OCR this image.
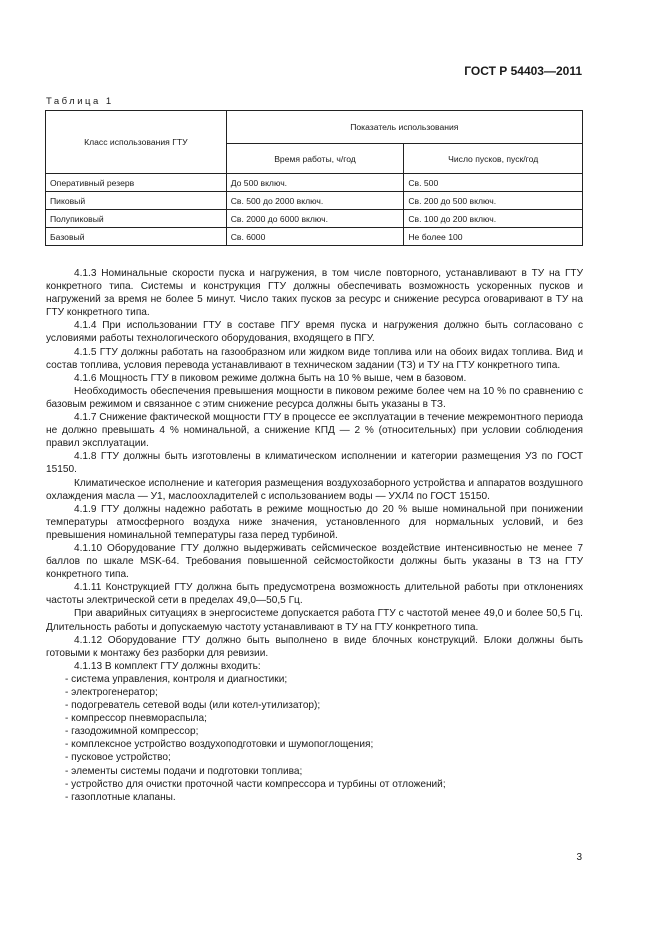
ГОСТ Р 54403—2011
Таблица 1
Класс использования ГТУ	Показатель использования	
	Время работы, ч/год	Число пусков, пуск/год
Оперативный резерв	До 500 включ.	Св. 500
Пиковый	Св. 500 до 2000 включ.	Св. 200 до 500 включ.
Полупиковый	Св. 2000 до 6000 включ.	Св. 100 до 200 включ.
Базовый	Св. 6000	Не более 100

4.1.3 Номинальные скорости пуска и нагружения, в том числе повторного, устанавливают в ТУ на ГТУ конкретного типа. Системы и конструкция ГТУ должны обеспечивать возможность ускоренных пусков и нагружений за время не более 5 минут. Число таких пусков за ресурс и снижение ресурса оговаривают в ТУ на ГТУ конкретного типа.

4.1.4 При использовании ГТУ в составе ПГУ время пуска и нагружения должно быть согласовано с условиями работы технологического оборудования, входящего в ПГУ.

4.1.5 ГТУ должны работать на газообразном или жидком виде топлива или на обоих видах топлива. Вид и состав топлива, условия перевода устанавливают в техническом задании (ТЗ) и ТУ на ГТУ конкретного типа.

4.1.6 Мощность ГТУ в пиковом режиме должна быть на 10 % выше, чем в базовом.

Необходимость обеспечения превышения мощности в пиковом режиме более чем на 10 % по сравнению с базовым режимом и связанное с этим снижение ресурса должны быть указаны в ТЗ.

4.1.7 Снижение фактической мощности ГТУ в процессе ее эксплуатации в течение межремонтного периода не должно превышать 4 % номинальной, а снижение КПД — 2 % (относительных) при условии соблюдения правил эксплуатации.

4.1.8 ГТУ должны быть изготовлены в климатическом исполнении и категории размещения У3 по ГОСТ 15150.

Климатическое исполнение и категория размещения воздухозаборного устройства и аппаратов воздушного охлаждения масла — У1, маслоохладителей с использованием воды — УХЛ4 по ГОСТ 15150.

4.1.9 ГТУ должны надежно работать в режиме мощностью до 20 % выше номинальной при понижении температуры атмосферного воздуха ниже значения, установленного для нормальных условий, и без превышения номинальной температуры газа перед турбиной.

4.1.10 Оборудование ГТУ должно выдерживать сейсмическое воздействие интенсивностью не менее 7 баллов по шкале MSK-64. Требования повышенной сейсмостойкости должны быть указаны в ТЗ на ГТУ конкретного типа.

4.1.11 Конструкцией ГТУ должна быть предусмотрена возможность длительной работы при отклонениях частоты электрической сети в пределах 49,0—50,5 Гц.

При аварийных ситуациях в энергосистеме допускается работа ГТУ с частотой менее 49,0 и более 50,5 Гц. Длительность работы и допускаемую частоту устанавливают в ТУ на ГТУ конкретного типа.

4.1.12 Оборудование ГТУ должно быть выполнено в виде блочных конструкций. Блоки должны быть готовыми к монтажу без разборки для ревизии.

4.1.13 В комплект ГТУ должны входить:

- система управления, контроля и диагностики;
- электрогенератор;
- подогреватель сетевой воды (или котел-утилизатор);
- компрессор пневмораспыла;
- газодожимной компрессор;
- комплексное устройство воздухоподготовки и шумопоглощения;
- пусковое устройство;
- элементы системы подачи и подготовки топлива;
- устройство для очистки проточной части компрессора и турбины от отложений;
- газоплотные клапаны.
3
